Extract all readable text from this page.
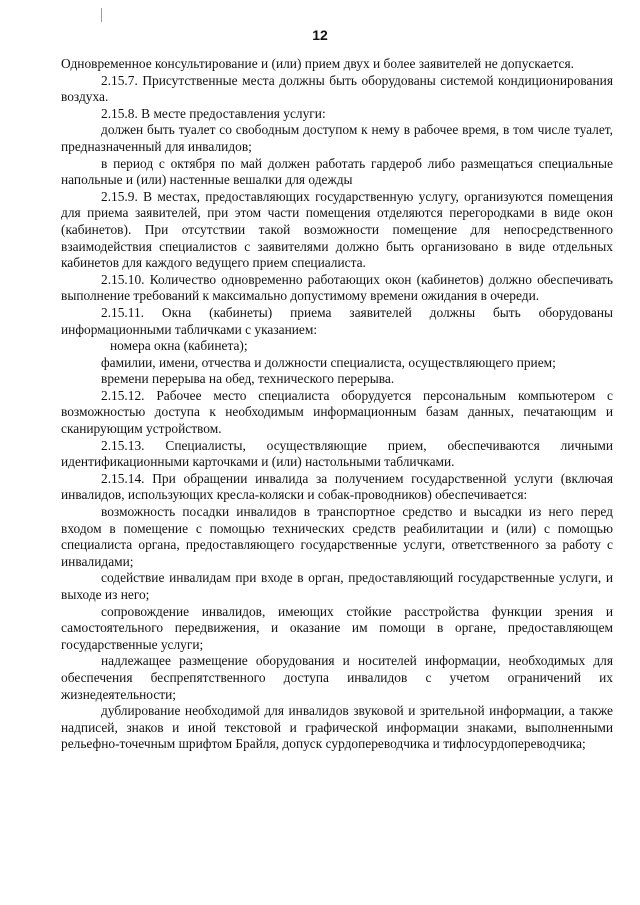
12

Одновременное консультирование и (или) прием двух и более заявителей не допускается.

2.15.7. Присутственные места должны быть оборудованы системой кондиционирования воздуха.

2.15.8. В месте предоставления услуги:

должен быть туалет со свободным доступом к нему в рабочее время, в том числе туалет, предназначенный для инвалидов;

в период с октября по май должен работать гардероб либо размещаться специальные напольные и (или) настенные вешалки для одежды

2.15.9. В местах, предоставляющих государственную услугу, организуются помещения для приема заявителей, при этом части помещения отделяются перегородками в виде окон (кабинетов). При отсутствии такой возможности помещение для непосредственного взаимодействия специалистов с заявителями должно быть организовано в виде отдельных кабинетов для каждого ведущего прием специалиста.

2.15.10. Количество одновременно работающих окон (кабинетов) должно обеспечивать выполнение требований к максимально допустимому времени ожидания в очереди.

2.15.11. Окна (кабинеты) приема заявителей должны быть оборудованы информационными табличками с указанием:

номера окна (кабинета);

фамилии, имени, отчества и должности специалиста, осуществляющего прием;

времени перерыва на обед, технического перерыва.

2.15.12. Рабочее место специалиста оборудуется персональным компьютером с возможностью доступа к необходимым информационным базам данных, печатающим и сканирующим устройством.

2.15.13. Специалисты, осуществляющие прием, обеспечиваются личными идентификационными карточками и (или) настольными табличками.

2.15.14. При обращении инвалида за получением государственной услуги (включая инвалидов, использующих кресла-коляски и собак-проводников) обеспечивается:

возможность посадки инвалидов в транспортное средство и высадки из него перед входом в помещение с помощью технических средств реабилитации и (или) с помощью специалиста органа, предоставляющего государственные услуги, ответственного за работу с инвалидами;

содействие инвалидам при входе в орган, предоставляющий государственные услуги, и выходе из него;

сопровождение инвалидов, имеющих стойкие расстройства функции зрения и самостоятельного передвижения, и оказание им помощи в органе, предоставляющем государственные услуги;

надлежащее размещение оборудования и носителей информации, необходимых для обеспечения беспрепятственного доступа инвалидов с учетом ограничений их жизнедеятельности;

дублирование необходимой для инвалидов звуковой и зрительной информации, а также надписей, знаков и иной текстовой и графической информации знаками, выполненными рельефно-точечным шрифтом Брайля, допуск сурдопереводчика и тифлосурдопереводчика;
